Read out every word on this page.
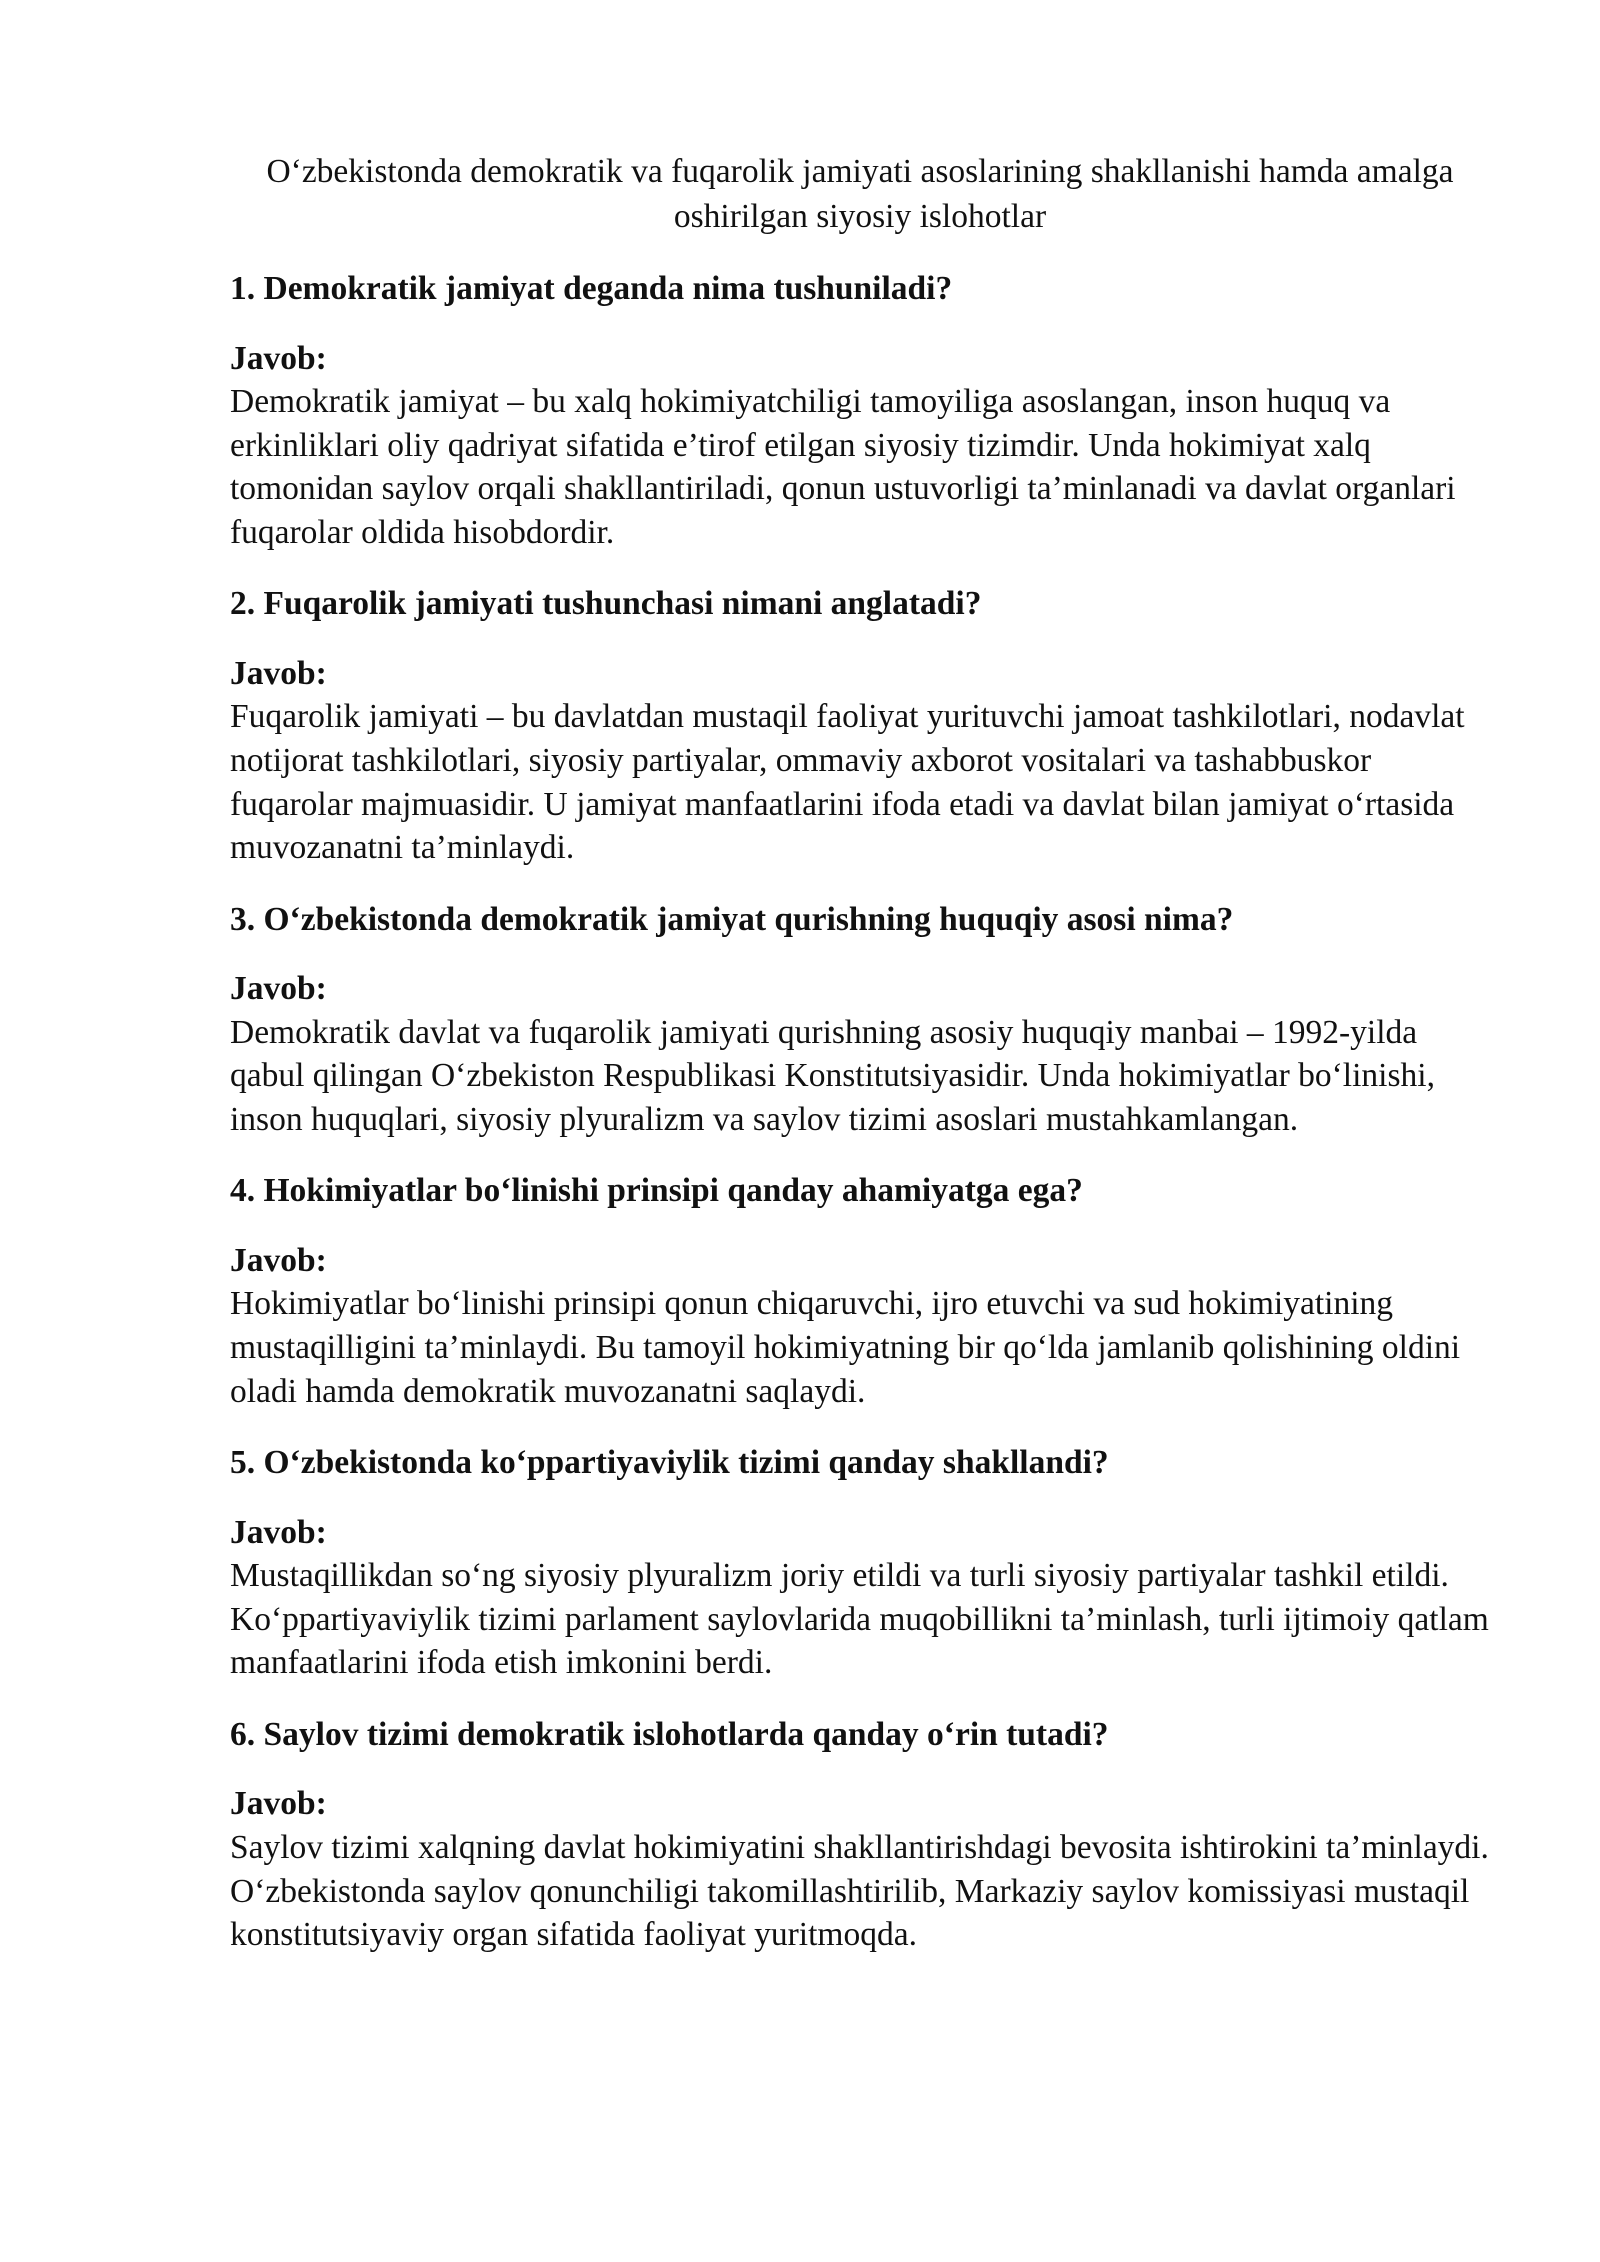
O‘zbekistonda demokratik va fuqarolik jamiyati asoslarining shakllanishi hamda amalga oshirilgan siyosiy islohotlar

1. Demokratik jamiyat deganda nima tushuniladi?

Javob:

Demokratik jamiyat – bu xalq hokimiyatchiligi tamoyiliga asoslangan, inson huquq va erkinliklari oliy qadriyat sifatida e’tirof etilgan siyosiy tizimdir. Unda hokimiyat xalq tomonidan saylov orqali shakllantiriladi, qonun ustuvorligi ta’minlanadi va davlat organlari fuqarolar oldida hisobdordir.

2. Fuqarolik jamiyati tushunchasi nimani anglatadi?

Javob:

Fuqarolik jamiyati – bu davlatdan mustaqil faoliyat yurituvchi jamoat tashkilotlari, nodavlat notijorat tashkilotlari, siyosiy partiyalar, ommaviy axborot vositalari va tashabbuskor fuqarolar majmuasidir. U jamiyat manfaatlarini ifoda etadi va davlat bilan jamiyat o‘rtasida muvozanatni ta’minlaydi.

3. O‘zbekistonda demokratik jamiyat qurishning huquqiy asosi nima?

Javob:

Demokratik davlat va fuqarolik jamiyati qurishning asosiy huquqiy manbai – 1992-yilda qabul qilingan O‘zbekiston Respublikasi Konstitutsiyasidir. Unda hokimiyatlar bo‘linishi, inson huquqlari, siyosiy plyuralizm va saylov tizimi asoslari mustahkamlangan.

4. Hokimiyatlar bo‘linishi prinsipi qanday ahamiyatga ega?

Javob:

Hokimiyatlar bo‘linishi prinsipi qonun chiqaruvchi, ijro etuvchi va sud hokimiyatining mustaqilligini ta’minlaydi. Bu tamoyil hokimiyatning bir qo‘lda jamlanib qolishining oldini oladi hamda demokratik muvozanatni saqlaydi.

5. O‘zbekistonda ko‘ppartiyaviylik tizimi qanday shakllandi?

Javob:

Mustaqillikdan so‘ng siyosiy plyuralizm joriy etildi va turli siyosiy partiyalar tashkil etildi. Ko‘ppartiyaviylik tizimi parlament saylovlarida muqobillikni ta’minlash, turli ijtimoiy qatlam manfaatlarini ifoda etish imkonini berdi.

6. Saylov tizimi demokratik islohotlarda qanday o‘rin tutadi?

Javob:

Saylov tizimi xalqning davlat hokimiyatini shakllantirishdagi bevosita ishtirokini ta’minlaydi. O‘zbekistonda saylov qonunchiligi takomillashtirilib, Markaziy saylov komissiyasi mustaqil konstitutsiyaviy organ sifatida faoliyat yuritmoqda.
